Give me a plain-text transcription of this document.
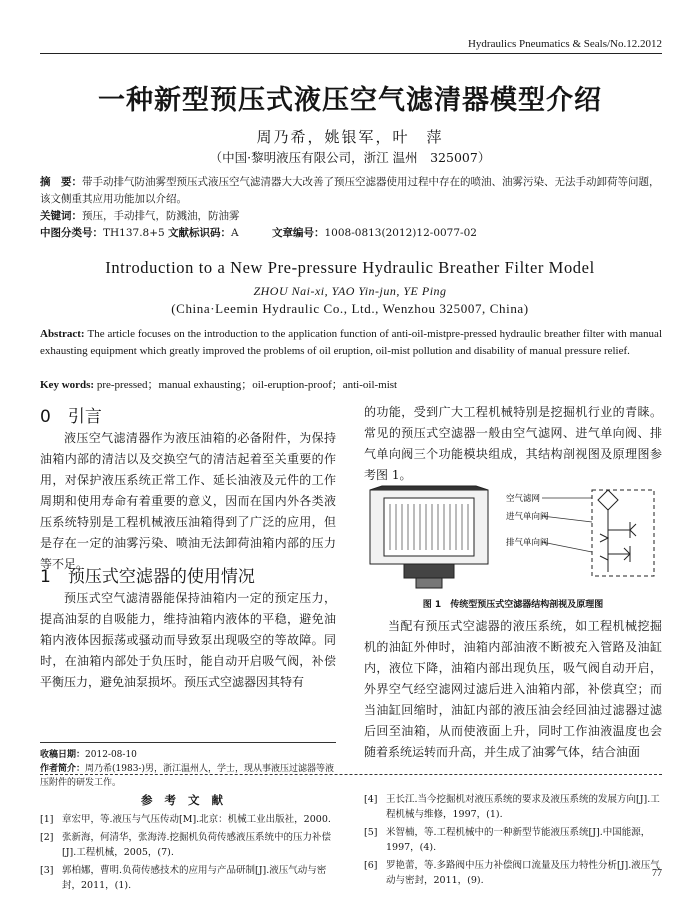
Hydraulics Pneumatics & Seals/No.12.2012
一种新型预压式液压空气滤清器模型介绍
周乃希，姚银军，叶　萍
（中国·黎明液压有限公司，浙江 温州　325007）
摘　要：带手动排气防油雾型预压式液压空气滤清器大大改善了预压空滤器使用过程中存在的喷油、油雾污染、无法手动卸荷等问题，该文侧重其应用功能加以介绍。
关键词：预压，手动排气，防溅油，防油雾
中图分类号：TH137.8+5 文献标识码：A	文章编号：1008-0813(2012)12-0077-02
Introduction to a New Pre-pressure Hydraulic Breather Filter Model
ZHOU Nai-xi, YAO Yin-jun, YE Ping
(China·Leemin Hydraulic Co., Ltd., Wenzhou 325007, China)
Abstract: The article focuses on the introduction to the application function of anti-oil-mistpre-pressed hydraulic breather filter with manual exhausting equipment which greatly improved the problems of oil eruption, oil-mist pollution and disability of manual pressure relief.
Key words: pre-pressed；manual exhausting；oil-eruption-proof；anti-oil-mist
0　引言

液压空气滤清器作为液压油箱的必备附件，为保持油箱内部的清洁以及交换空气的清洁起着至关重要的作用，对保护液压系统正常工作、延长油液及元件的工作周期和使用寿命有着重要的意义，因而在国内外各类液压系统特别是工程机械液压油箱得到了广泛的应用，但是存在一定的油雾污染、喷油无法卸荷油箱内部的压力等不足。

1　预压式空滤器的使用情况

预压式空气滤清器能保持油箱内一定的预定压力，提高油泵的自吸能力，维持油箱内液体的平稳，避免油箱内液体因振荡或骚动而导致泵出现吸空的等故障。同时，在油箱内部处于负压时，能自动开启吸气阀，补偿平衡压力，避免油泵损坏。预压式空滤器因其特有

收稿日期：2012-08-10
作者简介：周乃希(1983-)男，浙江温州人，学士，现从事液压过滤器等液压附件的研发工作。

的功能，受到广大工程机械特别是挖掘机行业的青睐。常见的预压式空滤器一般由空气滤网、进气单向阀、排气单向阀三个功能模块组成，其结构剖视图及原理图参考图 1。

空气滤网
进气单向阀
排气单向阀
图 1　传统型预压式空滤器结构剖视及原理图

当配有预压式空滤器的液压系统，如工程机械挖掘机的油缸外伸时，油箱内部油液不断被充入管路及油缸内，液位下降，油箱内部出现负压，吸气阀自动开启，外界空气经空滤网过滤后进入油箱内部，补偿真空；而当油缸回缩时，油缸内部的液压油会经回油过滤器过滤后回至油箱，从而使液面上升，同时工作油液温度也会随着系统运转而升高，并生成了油雾气体，结合油面

参考文献
[1] 章宏甲，等.液压与气压传动[M].北京：机械工业出版社，2000.
[2] 张新海，何清华，张海涛.挖掘机负荷传感液压系统中的压力补偿[J].工程机械，2005，(7).
[3] 郭柏娜，曹明.负荷传感技术的应用与产品研制[J].液压气动与密封，2011，(1).
[4] 王长江.当今挖掘机对液压系统的要求及液压系统的发展方向[J].工程机械与维修，1997，(1).
[5] 米智楠，等.工程机械中的一种新型节能液压系统[J].中国能源，1997，(4).
[6] 罗艳蕾，等.多路阀中压力补偿阀口流量及压力特性分析[J].液压气动与密封，2011，(9).
77
